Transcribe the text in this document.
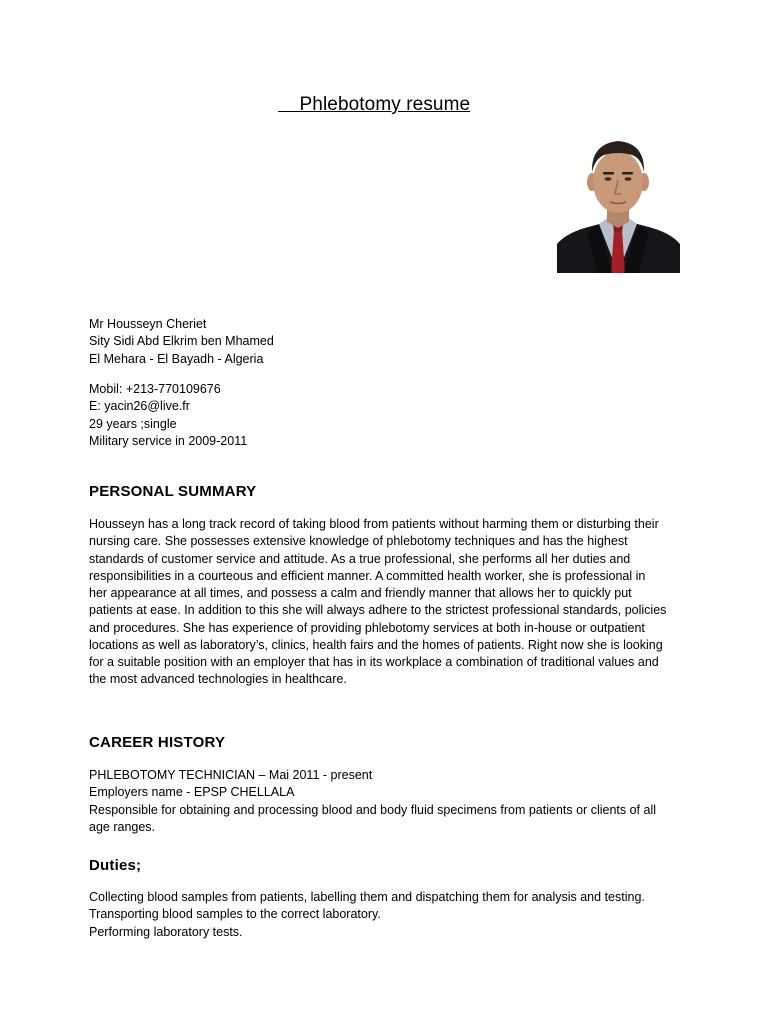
Phlebotomy resume
Mr Housseyn Cheriet
Sity Sidi Abd Elkrim ben Mhamed
El Mehara - El Bayadh - Algeria
Mobil: +213-770109676
E: yacin26@live.fr
29 years ;single
Military service in 2009-2011
PERSONAL SUMMARY
Housseyn has a long track record of taking blood from patients without harming them or disturbing their
nursing care. She possesses extensive knowledge of phlebotomy techniques and has the highest
standards of customer service and attitude. As a true professional, she performs all her duties and
responsibilities in a courteous and efficient manner. A committed health worker, she is professional in
her appearance at all times, and possess a calm and friendly manner that allows her to quickly put
patients at ease. In addition to this she will always adhere to the strictest professional standards, policies
and procedures. She has experience of providing phlebotomy services at both in-house or outpatient
locations as well as laboratory’s, clinics, health fairs and the homes of patients. Right now she is looking
for a suitable position with an employer that has in its workplace a combination of traditional values and
the most advanced technologies in healthcare.
CAREER HISTORY
PHLEBOTOMY TECHNICIAN – Mai 2011 - present
Employers name - EPSP CHELLALA
Responsible for obtaining and processing blood and body fluid specimens from patients or clients of all
age ranges.
Duties;
Collecting blood samples from patients, labelling them and dispatching them for analysis and testing.
Transporting blood samples to the correct laboratory.
Performing laboratory tests.
